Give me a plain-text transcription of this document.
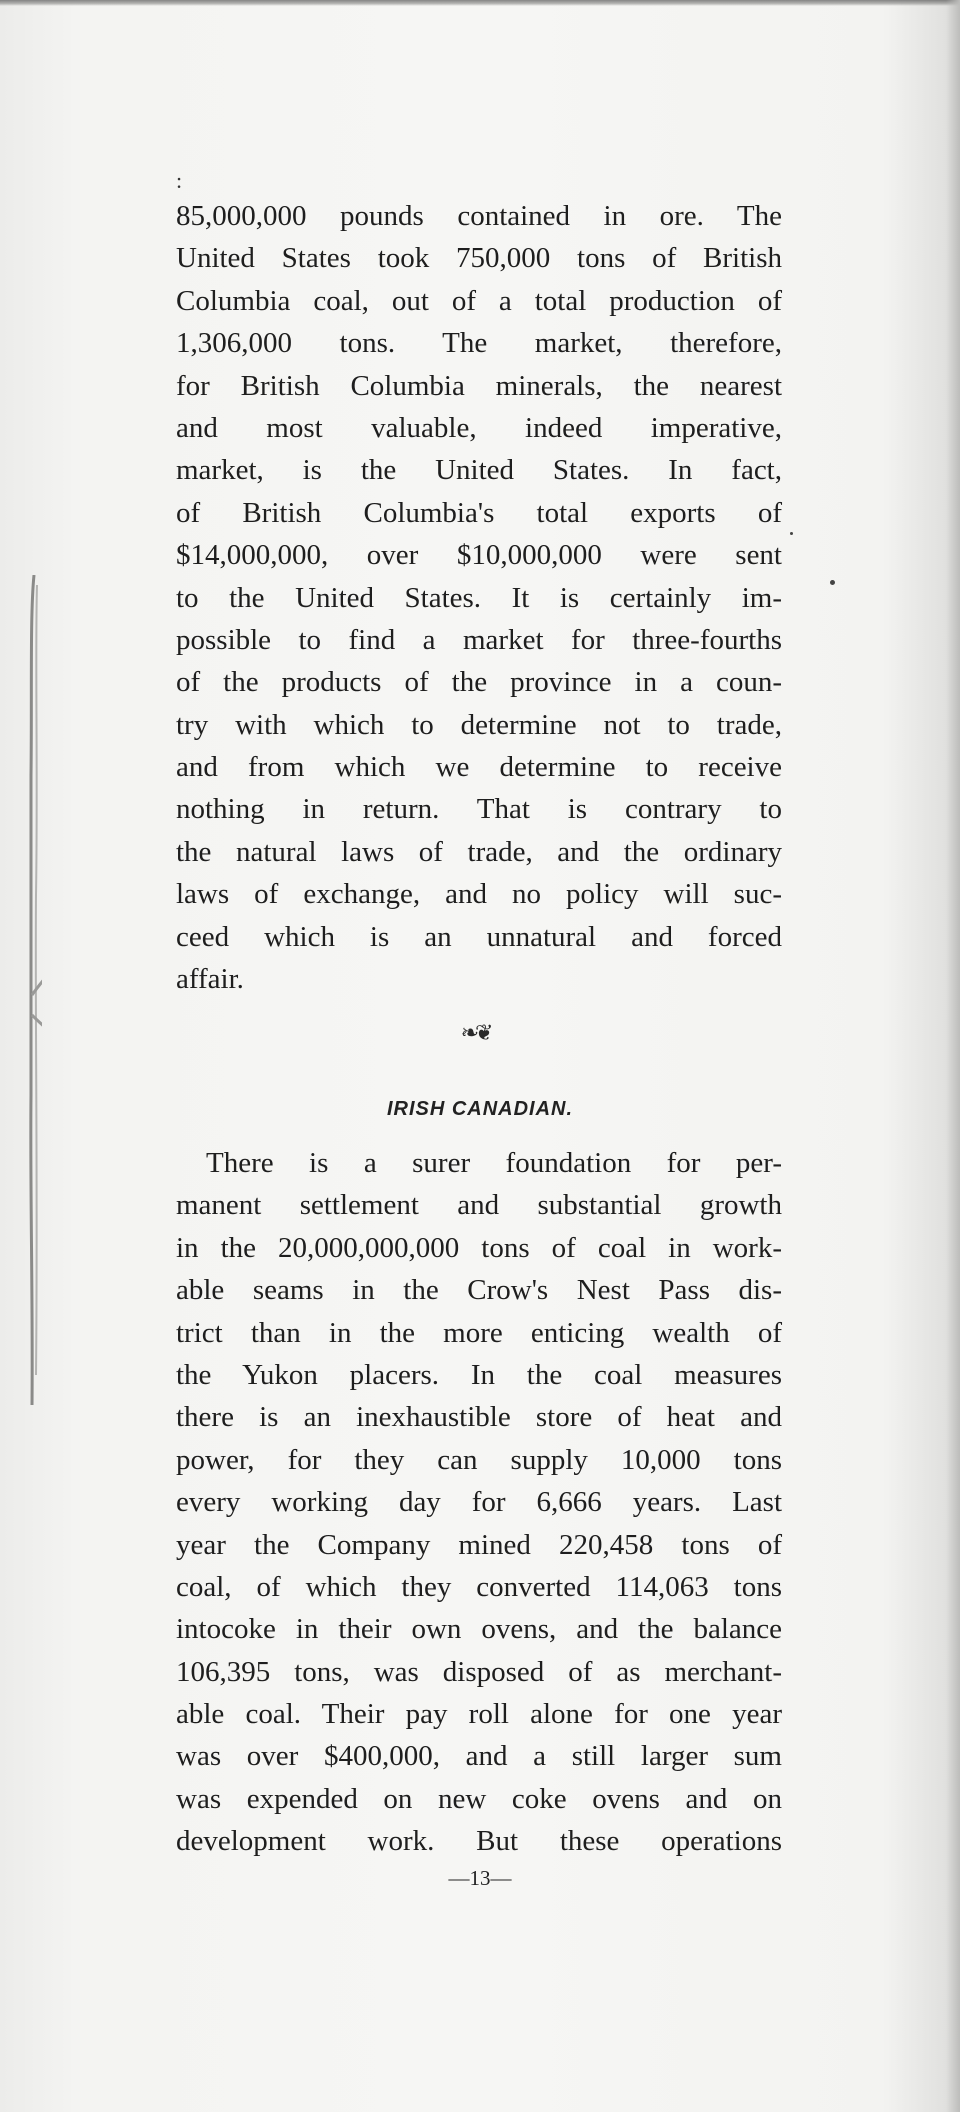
:
85,000,000 pounds contained in ore. The
United States took 750,000 tons of British
Columbia coal, out of a total production of
1,306,000 tons. The market, therefore,
for British Columbia minerals, the nearest
and most valuable, indeed imperative,
market, is the United States. In fact,
of British Columbia's total exports of
$14,000,000, over $10,000,000 were sent
to the United States. It is certainly im-
possible to find a market for three-fourths
of the products of the province in a coun-
try with which to determine not to trade,
and from which we determine to receive
nothing in return. That is contrary to
the natural laws of trade, and the ordinary
laws of exchange, and no policy will suc-
ceed which is an unnatural and forced
affair.
❧❦
IRISH CANADIAN.
There is a surer foundation for per-
manent settlement and substantial growth
in the 20,000,000,000 tons of coal in work-
able seams in the Crow's Nest Pass dis-
trict than in the more enticing wealth of
the Yukon placers. In the coal measures
there is an inexhaustible store of heat and
power, for they can supply 10,000 tons
every working day for 6,666 years. Last
year the Company mined 220,458 tons of
coal, of which they converted 114,063 tons
intocoke in their own ovens, and the balance
106,395 tons, was disposed of as merchant-
able coal. Their pay roll alone for one year
was over $400,000, and a still larger sum
was expended on new coke ovens and on
development work. But these operations
—13—
